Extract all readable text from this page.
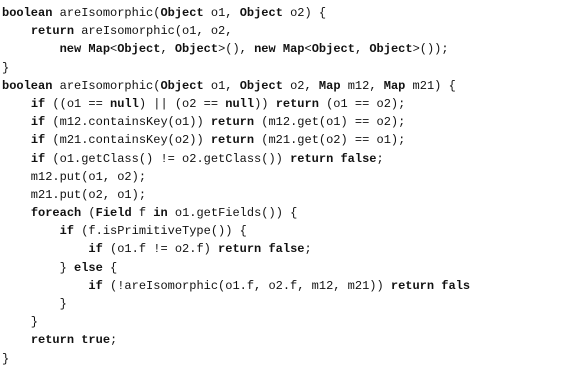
boolean areIsomorphic(Object o1, Object o2) {
return areIsomorphic(o1, o2,
new Map<Object, Object>(), new Map<Object, Object>());
}
boolean areIsomorphic(Object o1, Object o2, Map m12, Map m21) {
if ((o1 == null) || (o2 == null)) return (o1 == o2);
if (m12.containsKey(o1)) return (m12.get(o1) == o2);
if (m21.containsKey(o2)) return (m21.get(o2) == o1);
if (o1.getClass() != o2.getClass()) return false;
m12.put(o1, o2);
m21.put(o2, o1);
foreach (Field f in o1.getFields()) {
if (f.isPrimitiveType()) {
if (o1.f != o2.f) return false;
} else {
if (!areIsomorphic(o1.f, o2.f, m12, m21)) return fals
}
}
return true;
}
